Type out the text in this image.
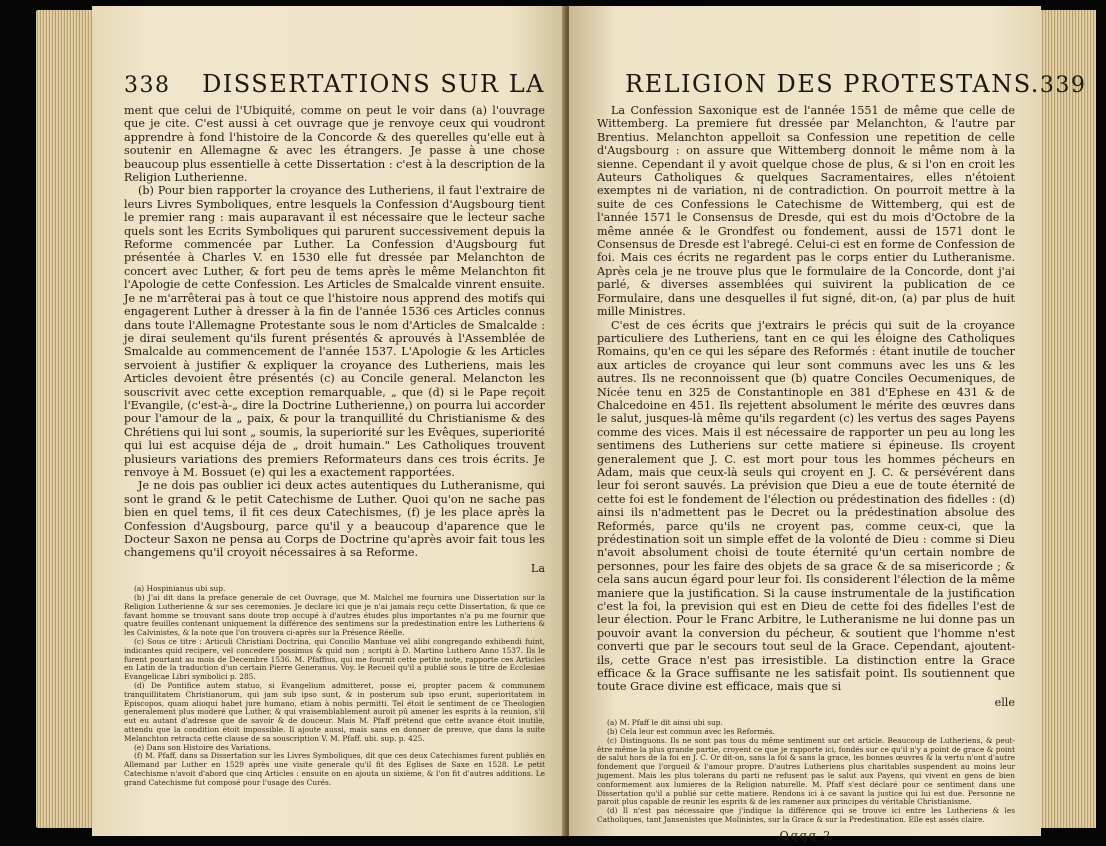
338 DISSERTATIONS SUR LA

ment que celui de l'Ubiquité, comme on peut le voir dans (a) l'ouvrage que je cite. C'est aussi à cet ouvrage que je renvoye ceux qui voudront apprendre à fond l'histoire de la Concorde & des querelles qu'elle eut à soutenir en Allemagne & avec les étrangers. Je passe à une chose beaucoup plus essentielle à cette Dissertation : c'est à la description de la Religion Lutherienne.

(b) Pour bien rapporter la croyance des Lutheriens, il faut l'extraire de leurs Livres Symboliques, entre lesquels la Confession d'Augsbourg tient le premier rang : mais auparavant il est nécessaire que le lecteur sache quels sont les Ecrits Symboliques qui parurent successivement depuis la Reforme commencée par Luther. La Confession d'Augsbourg fut présentée à Charles V. en 1530 elle fut dressée par Melanchton de concert avec Luther, & fort peu de tems après le même Melanchton fit l'Apologie de cette Confession. Les Articles de Smalcalde vinrent ensuite. Je ne m'arrêterai pas à tout ce que l'histoire nous apprend des motifs qui engagerent Luther à dresser à la fin de l'année 1536 ces Articles connus dans toute l'Allemagne Protestante sous le nom d'Articles de Smalcalde : je dirai seulement qu'ils furent présentés & aprouvés à l'Assemblée de Smalcalde au commencement de l'année 1537. L'Apologie & les Articles servoient à justifier & expliquer la croyance des Lutheriens, mais les Articles devoient être présentés (c) au Concile general. Melancton les souscrivit avec cette exception remarquable, „ que (d) si le Pape reçoit l'Evangile, (c'est-à-„ dire la Doctrine Lutherienne,) on pourra lui accorder pour l'amour de la „ paix, & pour la tranquillité du Christianisme & des Chrétiens qui lui sont „ soumis, la superiorité sur les Evêques, superiorité qui lui est acquise déja de „ droit humain." Les Catholiques trouvent plusieurs variations des premiers Reformateurs dans ces trois écrits. Je renvoye à M. Bossuet (e) qui les a exactement rapportées.

Je ne dois pas oublier ici deux actes autentiques du Lutheranisme, qui sont le grand & le petit Catechisme de Luther. Quoi qu'on ne sache pas bien en quel tems, il fit ces deux Catechismes, (f) je les place après la Confession d'Augsbourg, parce qu'il y a beaucoup d'aparence que le Docteur Saxon ne pensa au Corps de Doctrine qu'après avoir fait tous les changemens qu'il croyoit nécessaires à sa Reforme.

La

(a) Hospinianus ubi sup.

(b) J'ai dit dans la preface generale de cet Ouvrage, que M. Malchel me fournira une Dissertation sur la Religion Lutherienne & sur ses ceremonies. Je declare ici que je n'ai jamais reçu cette Dissertation, & que ce favant homme se trouvant sans doute trop occupé à d'autres études plus importantes n'a pu me fournir que quatre feuilles contenant uniquement la différence des sentimens sur la predestination entre les Lutheriens & les Calvinistes, & la note que l'on trouvera ci-après sur la Présence Réelle.

(c) Sous ce titre : Articuli Christiani Doctrina, qui Concilio Mantuae vel alibi congregando exhibendi fuint, indicantes quid recipere, vel concedere possimus & quid non ; scripti à D. Martino Luthero Anno 1537. Ils le furent pourtant au mois de Decembre 1536. M. Pfaffius, qui me fournit cette petite note, rapporte ces Articles en Latin de la traduction d'un certain Pierre Generanus. Voy. le Recueil qu'il a publié sous le titre de Ecclesiae Evangelicae Libri symbolici p. 285.

(d) De Pontifice autem statuo, si Evangelium admitteret, posse ei, propter pacem & communem tranquillitatem Christianorum, qui jam sub ipso sunt, & in posterum sub ipso erunt, superioritatem in Episcopos, quam alioqui habet jure humano, etiam à nobis permitti. Tel étoit le sentiment de ce Theologien generalement plus moderé que Luther, & qui vraisemblablement auroit pû amener les esprits à la reunion, s'il eut eu autant d'adresse que de savoir & de douceur. Mais M. Pfaff prétend que cette avance étoit inutile, attendu que la condition étoit impossible. Il ajoute aussi, mais sans en donner de preuve, que dans la suite Melanchton retracta cette clause de sa souscription V. M. Pfaff. ubi. sup. p. 425.

(e) Dans son Histoire des Variations.

(f) M. Pfaff, dans sa Dissertation sur les Livres Symboliques, dit que ces deux Catechismes furent publiés en Allemand par Luther en 1529 après une visite generale qu'il fit des Eglises de Saxe en 1528. Le petit Catechisme n'avoit d'abord que cinq Articles : ensuite on en ajouta un sixième, & l'on fit d'autres additions. Le grand Catechisme fut composé pour l'usage des Curés.

RELIGION DES PROTESTANS. 339

La Confession Saxonique est de l'année 1551 de même que celle de Wittemberg. La premiere fut dressée par Melanchton, & l'autre par Brentius. Melanchton appelloit sa Confession une repetition de celle d'Augsbourg : on assure que Wittemberg donnoit le même nom à la sienne. Cependant il y avoit quelque chose de plus, & si l'on en croit les Auteurs Catholiques & quelques Sacramentaires, elles n'étoient exemptes ni de variation, ni de contradiction. On pourroit mettre à la suite de ces Confessions le Catechisme de Wittemberg, qui est de l'année 1571 le Consensus de Dresde, qui est du mois d'Octobre de la même année & le Grondfest ou fondement, aussi de 1571 dont le Consensus de Dresde est l'abregé. Celui-ci est en forme de Confession de foi. Mais ces écrits ne regardent pas le corps entier du Lutheranisme. Après cela je ne trouve plus que le formulaire de la Concorde, dont j'ai parlé, & diverses assemblées qui suivirent la publication de ce Formulaire, dans une desquelles il fut signé, dit-on, (a) par plus de huit mille Ministres.

C'est de ces écrits que j'extrairs le précis qui suit de la croyance particuliere des Lutheriens, tant en ce qui les éloigne des Catholiques Romains, qu'en ce qui les sépare des Reformés : étant inutile de toucher aux articles de croyance qui leur sont communs avec les uns & les autres. Ils ne reconnoissent que (b) quatre Conciles Oecumeniques, de Nicée tenu en 325 de Constantinople en 381 d'Ephese en 431 & de Chalcedoine en 451. Ils rejettent absolument le mérite des œuvres dans le salut, jusques-là même qu'ils regardent (c) les vertus des sages Payens comme des vices. Mais il est nécessaire de rapporter un peu au long les sentimens des Lutheriens sur cette matiere si épineuse. Ils croyent generalement que J. C. est mort pour tous les hommes pécheurs en Adam, mais que ceux-là seuls qui croyent en J. C. & persévérent dans leur foi seront sauvés. La prévision que Dieu a eue de toute éternité de cette foi est le fondement de l'élection ou prédestination des fidelles : (d) ainsi ils n'admettent pas le Decret ou la prédestination absolue des Reformés, parce qu'ils ne croyent pas, comme ceux-ci, que la prédestination soit un simple effet de la volonté de Dieu : comme si Dieu n'avoit absolument choisi de toute éternité qu'un certain nombre de personnes, pour les faire des objets de sa grace & de sa misericorde ; & cela sans aucun égard pour leur foi. Ils considerent l'élection de la même maniere que la justification. Si la cause instrumentale de la justification c'est la foi, la prevision qui est en Dieu de cette foi des fidelles l'est de leur élection. Pour le Franc Arbitre, le Lutheranisme ne lui donne pas un pouvoir avant la conversion du pécheur, & soutient que l'homme n'est converti que par le secours tout seul de la Grace. Cependant, ajoutent-ils, cette Grace n'est pas irresistible. La distinction entre la Grace efficace & la Grace suffisante ne les satisfait point. Ils soutiennent que toute Grace divine est efficace, mais que si

elle

(a) M. Pfaff le dit ainsi ubi sup.

(b) Cela leur est commun avec les Reformés.

(c) Distinguons. Ils ne sont pas tous du même sentiment sur cet article. Beaucoup de Lutheriens, & peut-être même la plus grande partie, croyent ce que je rapporte ici, fondés sur ce qu'il n'y a point de grace & point de salut hors de la foi en J. C. Or dit-on, sans la foi & sans la grace, les bonnes œuvres & la vertu n'ont d'autre fondement que l'orgueil & l'amour propre. D'autres Lutheriens plus charitables suspendent au moins leur jugement. Mais les plus tolerans du parti ne refusent pas le salut aux Payens, qui vivent en gens de bien conformement aux lumieres de la Religion naturelle. M. Pfaff s'est déclaré pour ce sentiment dans une Dissertation qu'il a publié sur cette matiere. Rendons ici à ce savant la justice qui lui est due. Personne ne paroit plus capable de reunir les esprits & de les ramener aux principes du véritable Christianisme.

(d) Il n'est pas nécessaire que j'indique la différence qui se trouve ici entre les Lutheriens & les Catholiques, tant Jansenistes que Molinistes, sur la Grace & sur la Predestination. Elle est assés claire.

Qqqq 2
